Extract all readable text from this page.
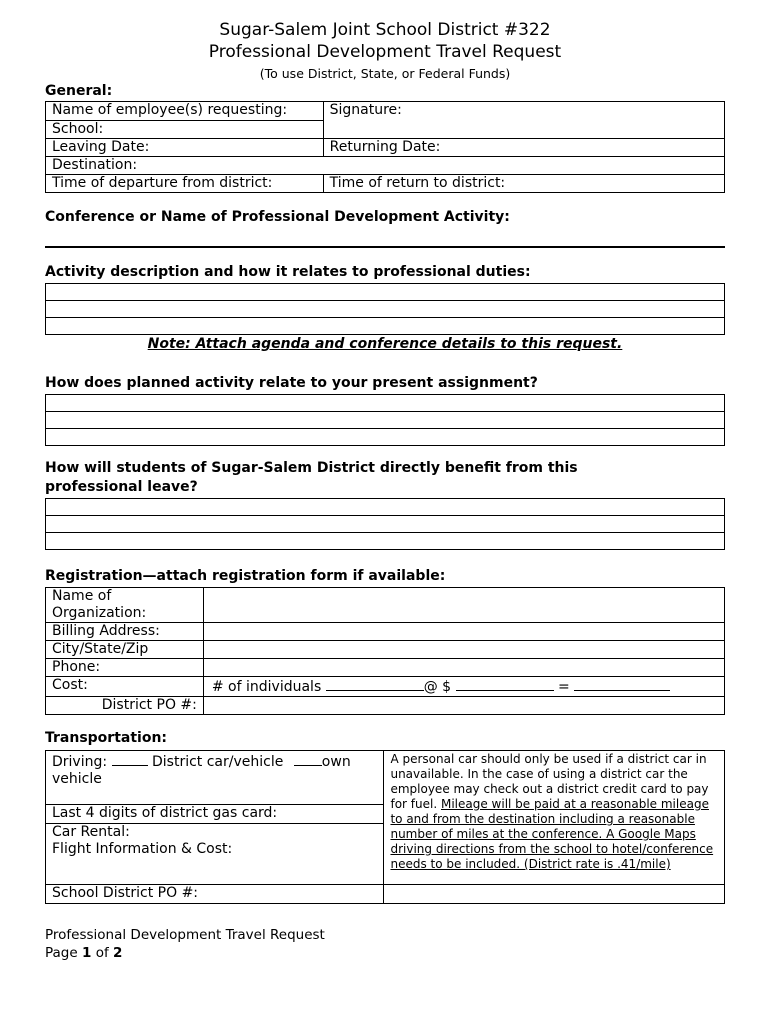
Sugar-Salem Joint School District #322
Professional Development Travel Request
(To use District, State, or Federal Funds)
General:
Name of employee(s) requesting:	Signature:
School:	
Leaving Date:	Returning Date:
Destination:	
Time of departure from district:	Time of return to district:
Conference or Name of Professional Development Activity:
Activity description and how it relates to professional duties:

Note: Attach agenda and conference details to this request.
How does planned activity relate to your present assignment?

How will students of Sugar-Salem District directly benefit from this
professional leave?

Registration—attach registration form if available:
Name of
Organization:	
Billing Address:	
City/State/Zip	
Phone:	
Cost:	# of individuals @ $ =
District PO #:	
Transportation:
Driving: District car/vehicle own
vehicle	A personal car should only be used if a district car in unavailable. In the case of using a district car the employee may check out a district credit card to pay for fuel. Mileage will be paid at a reasonable mileage to and from the destination including a reasonable number of miles at the conference. A Google Maps driving directions from the school to hotel/conference needs to be included. (District rate is .41/mile)
Last 4 digits of district gas card:	
Car Rental:
Flight Information & Cost:	
School District PO #:	
Professional Development Travel Request
Page 1 of 2
